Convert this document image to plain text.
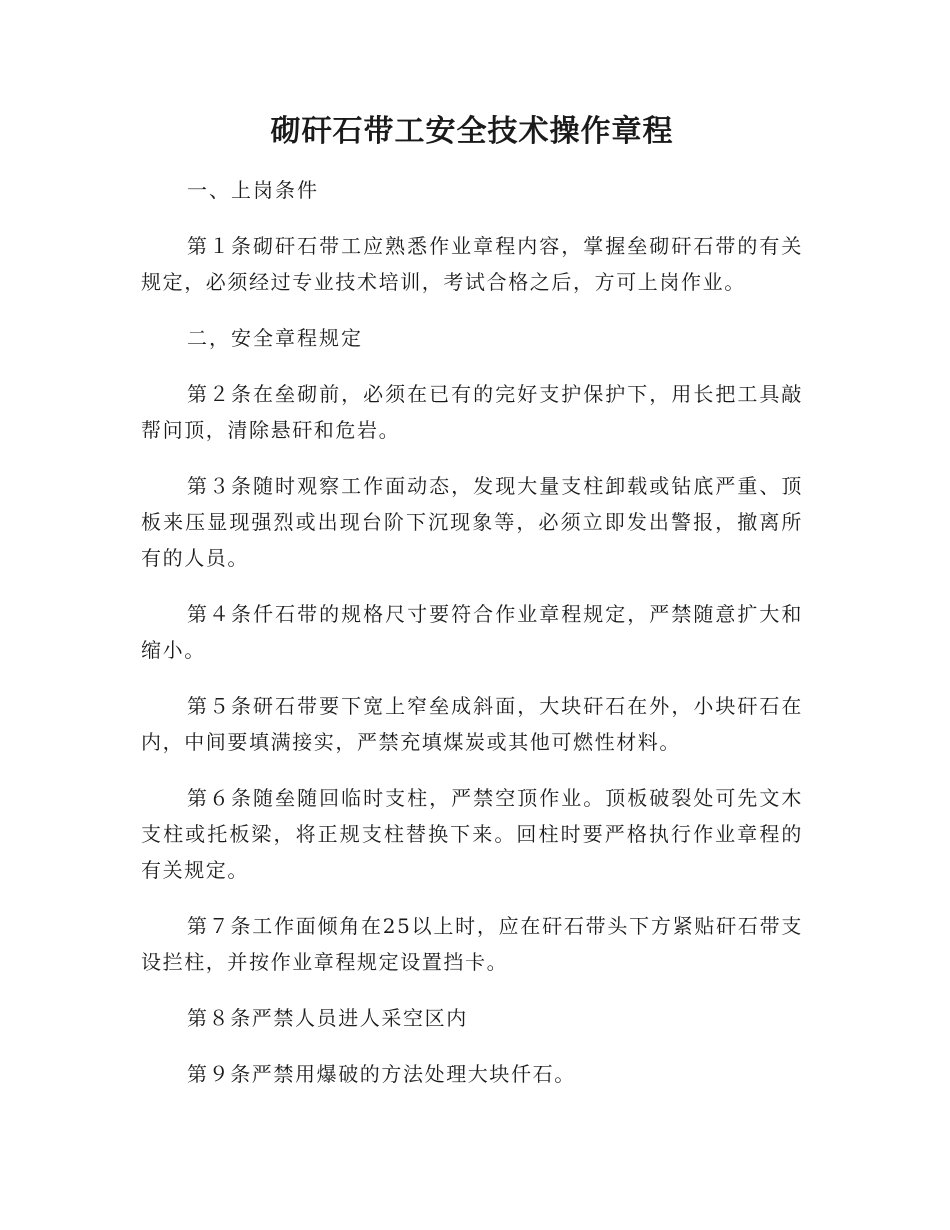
砌矸石带工安全技术操作章程

一、上岗条件

第１条砌矸石带工应熟悉作业章程内容，掌握垒砌矸石带的有关规定，必须经过专业技术培训，考试合格之后，方可上岗作业。

二，安全章程规定

第２条在垒砌前，必须在已有的完好支护保护下，用长把工具敲帮问顶，清除悬矸和危岩。

第３条随时观察工作面动态，发现大量支柱卸载或钻底严重、顶板来压显现强烈或出现台阶下沉现象等，必须立即发出警报，撤离所有的人员。

第４条仟石带的规格尺寸要符合作业章程规定，严禁随意扩大和缩小。

第５条研石带要下宽上窄垒成斜面，大块矸石在外，小块矸石在内，中间要填满接实，严禁充填煤炭或其他可燃性材料。

第６条随垒随回临时支柱，严禁空顶作业。顶板破裂处可先文木支柱或托板梁，将正规支柱替换下来。回柱时要严格执行作业章程的有关规定。

第７条工作面倾角在25以上时，应在矸石带头下方紧贴矸石带支设拦柱，并按作业章程规定设置挡卡。

第８条严禁人员进人采空区内

第９条严禁用爆破的方法处理大块仟石。
